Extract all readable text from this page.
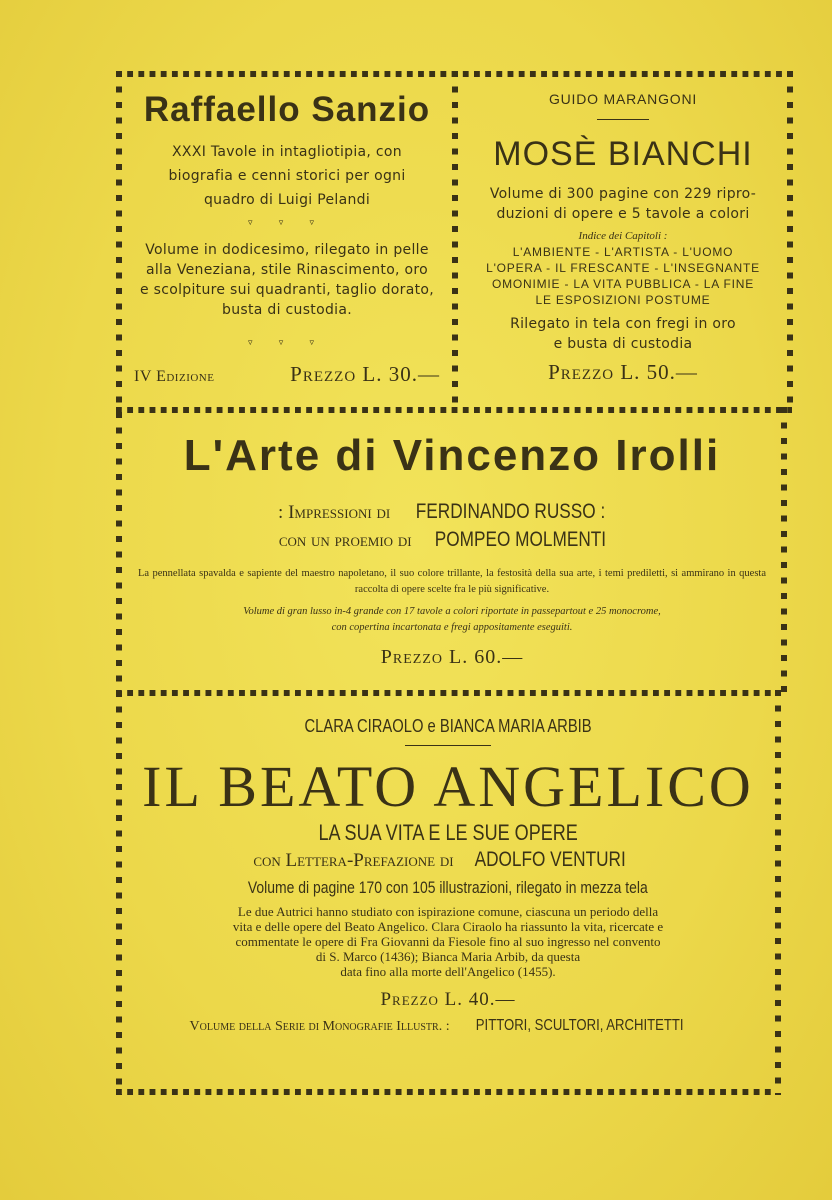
Raffaello Sanzio
XXXI Tavole in intagliotipia, con
biografia e cenni storici per ogni
quadro di Luigi Pelandi
▿ ▿ ▿
Volume in dodicesimo, rilegato in pelle
alla Veneziana, stile Rinascimento, oro
e scolpiture sui quadranti, taglio dorato,
busta di custodia.
▿ ▿ ▿
IV Edizione	Prezzo L. 30.—
GUIDO MARANGONI
MOSÈ BIANCHI
Volume di 300 pagine con 229 ripro-
duzioni di opere e 5 tavole a colori
Indice dei Capitoli :
L'AMBIENTE - L'ARTISTA - L'UOMO
L'OPERA - IL FRESCANTE - L'INSEGNANTE
OMONIMIE - LA VITA PUBBLICA - LA FINE
LE ESPOSIZIONI POSTUME
Rilegato in tela con fregi in oro
e busta di custodia
Prezzo L. 50.—
L'Arte di Vincenzo Irolli
: Impressioni di FERDINANDO RUSSO :
con un proemio di POMPEO MOLMENTI
La pennellata spavalda e sapiente del maestro napoletano, il suo colore trillante, la festosità della sua arte, i temi prediletti, si ammirano in questa raccolta di opere scelte fra le più significative.
Volume di gran lusso in-4 grande con 17 tavole a colori riportate in passepartout e 25 monocrome,
con copertina incartonata e fregi appositamente eseguiti.
Prezzo L. 60.—
CLARA CIRAOLO e BIANCA MARIA ARBIB
IL BEATO ANGELICO
LA SUA VITA E LE SUE OPERE
con Lettera-Prefazione di ADOLFO VENTURI
Volume di pagine 170 con 105 illustrazioni, rilegato in mezza tela
Le due Autrici hanno studiato con ispirazione comune, ciascuna un periodo della
vita e delle opere del Beato Angelico. Clara Ciraolo ha riassunto la vita, ricercate e
commentate le opere di Fra Giovanni da Fiesole fino al suo ingresso nel convento
di S. Marco (1436); Bianca Maria Arbib, da questa
data fino alla morte dell'Angelico (1455).
Prezzo L. 40.—
Volume della Serie di Monografie Illustr. : PITTORI, SCULTORI, ARCHITETTI
